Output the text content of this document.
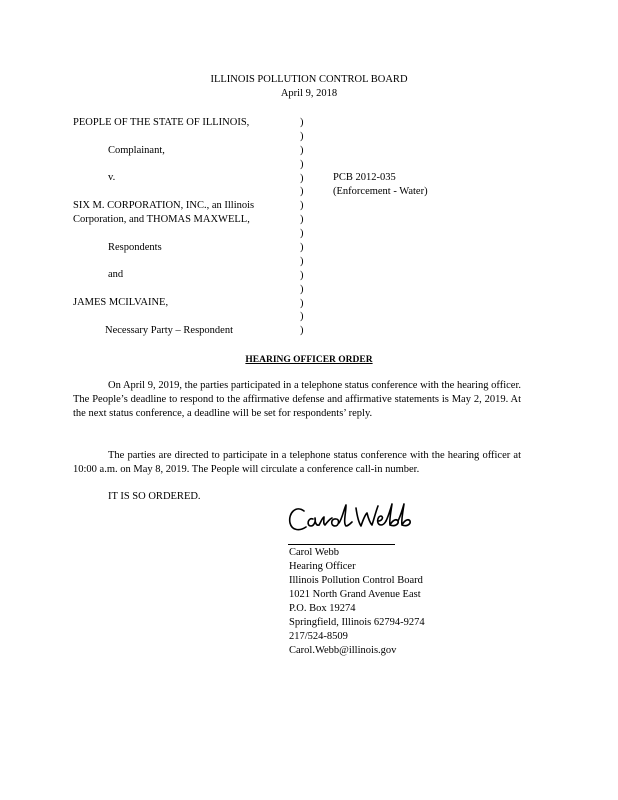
ILLINOIS POLLUTION CONTROL BOARD
April 9, 2018
PEOPLE OF THE STATE OF ILLINOIS,
Complainant,
v.
SIX M. CORPORATION, INC., an Illinois
Corporation, and THOMAS MAXWELL,
Respondents
and
JAMES MCILVAINE,
Necessary Party – Respondent
)
)
)
)
)
)
)
)
)
)
)
)
)
)
)
)
PCB 2012-035
(Enforcement - Water)
HEARING OFFICER ORDER

On April 9, 2019, the parties participated in a telephone status conference with the hearing officer. The People’s deadline to respond to the affirmative defense and affirmative statements is May 2, 2019. At the next status conference, a deadline will be set for respondents’ reply.

The parties are directed to participate in a telephone status conference with the hearing officer at 10:00 a.m. on May 8, 2019. The People will circulate a conference call-in number.

IT IS SO ORDERED.
Carol Webb
Hearing Officer
Illinois Pollution Control Board
1021 North Grand Avenue East
P.O. Box 19274
Springfield, Illinois 62794-9274
217/524-8509
Carol.Webb@illinois.gov
